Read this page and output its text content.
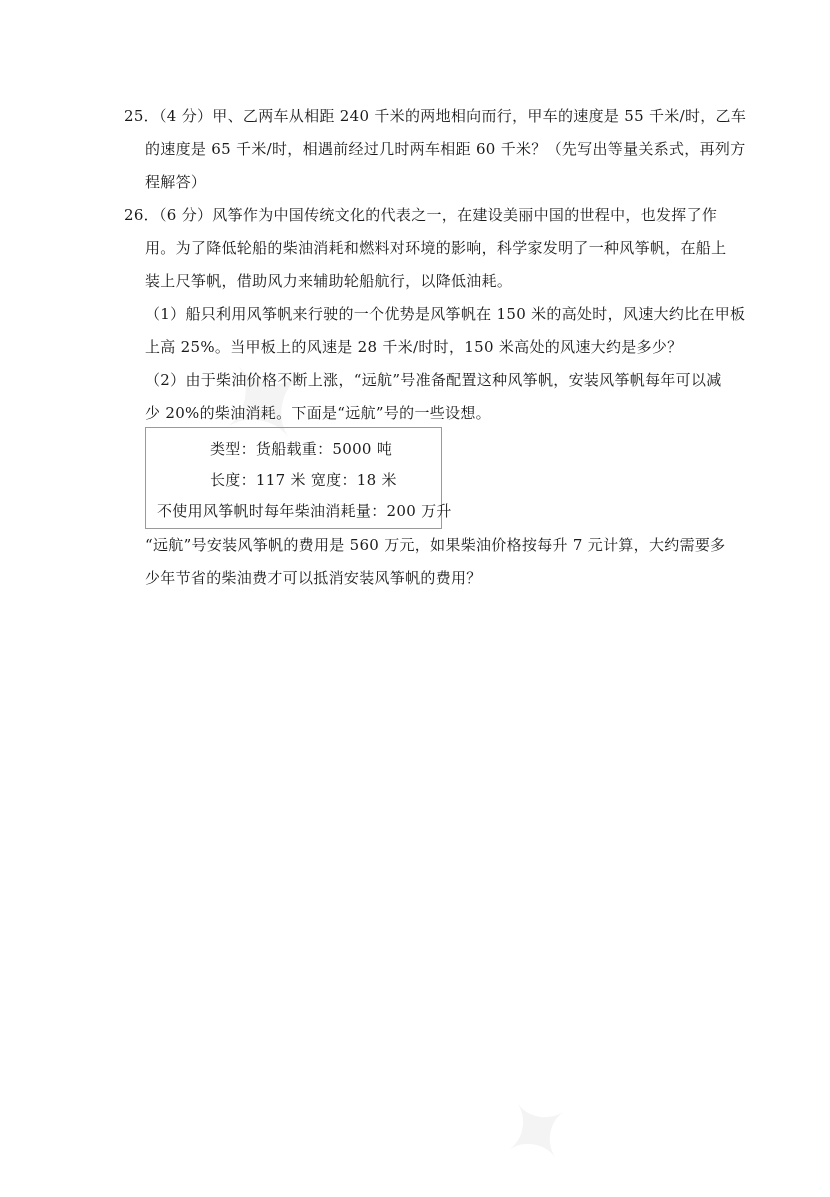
25．（4 分）甲、乙两车从相距 240 千米的两地相向而行，甲车的速度是 55 千米/时，乙车
的速度是 65 千米/时，相遇前经过几时两车相距 60 千米？（先写出等量关系式，再列方
程解答）
26．（6 分）风筝作为中国传统文化的代表之一，在建设美丽中国的世程中，也发挥了作
用。为了降低轮船的柴油消耗和燃料对环境的影响，科学家发明了一种风筝帆，在船上
装上尺筝帆，借助风力来辅助轮船航行，以降低油耗。
（1）船只利用风筝帆来行驶的一个优势是风筝帆在 150 米的高处时，风速大约比在甲板
上高 25%。当甲板上的风速是 28 千米/时时，150 米高处的风速大约是多少？
（2）由于柴油价格不断上涨，“远航”号准备配置这种风筝帆，安装风筝帆每年可以减
少 20%的柴油消耗。下面是“远航”号的一些设想。
类型：货船载重：5000 吨
长度：117 米 宽度：18 米
不使用风筝帆时每年柴油消耗量：200 万升
“远航”号安装风筝帆的费用是 560 万元，如果柴油价格按每升 7 元计算，大约需要多
少年节省的柴油费才可以抵消安装风筝帆的费用？
